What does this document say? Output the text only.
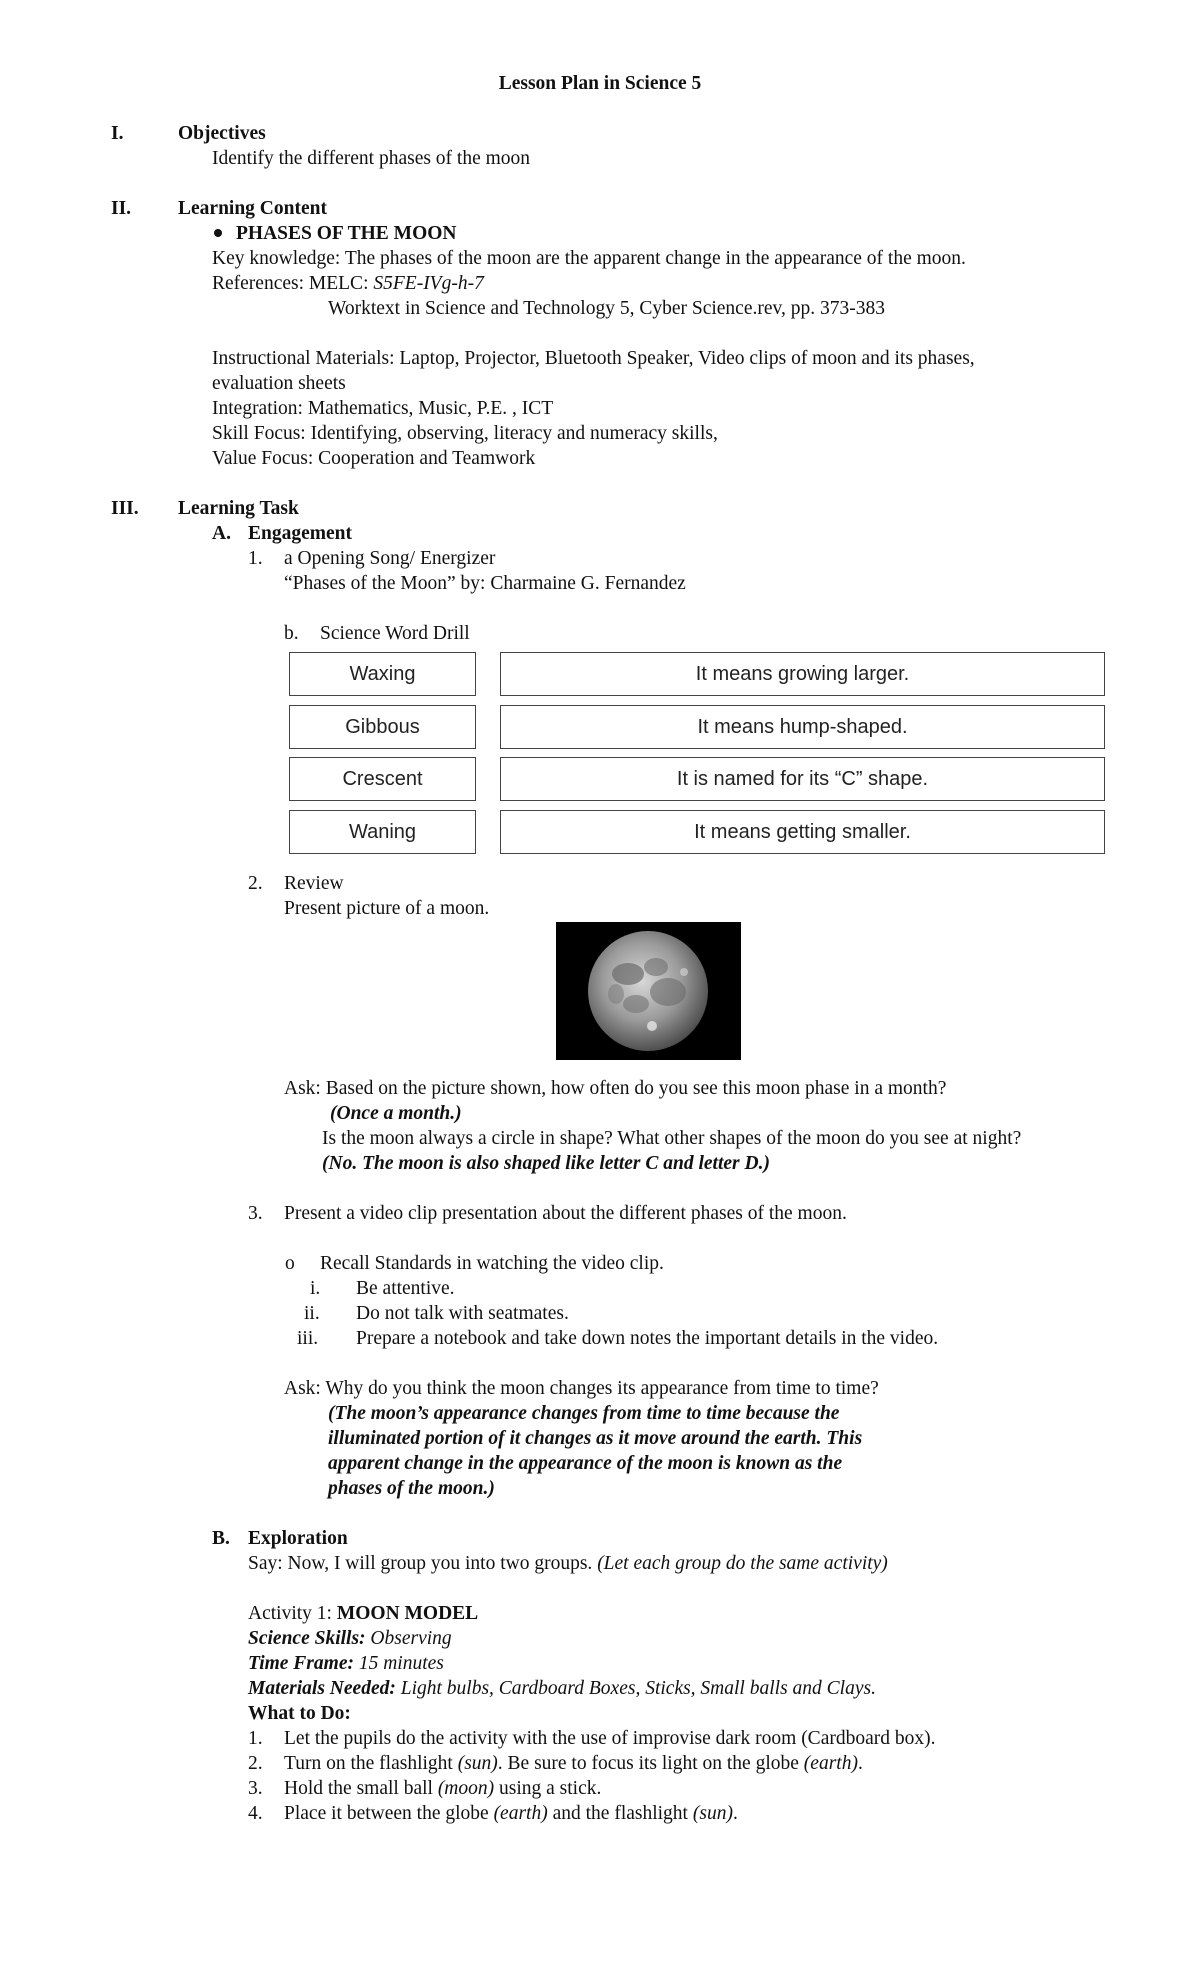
Lesson Plan in Science 5
I.	Objectives
Identify the different phases of the moon
II. Learning Content
PHASES OF THE MOON
Key knowledge: The phases of the moon are the apparent change in the appearance of the moon.
References: MELC: S5FE-IVg-h-7
Worktext in Science and Technology 5, Cyber Science.rev, pp. 373-383
Instructional Materials: Laptop, Projector, Bluetooth Speaker, Video clips of moon and its phases,
evaluation sheets
Integration: Mathematics, Music, P.E. , ICT
Skill Focus: Identifying, observing, literacy and numeracy skills,
Value Focus: Cooperation and Teamwork
III. Learning Task
A. Engagement
1. a Opening Song/ Energizer
“Phases of the Moon” by: Charmaine G. Fernandez
b. Science Word Drill
Waxing	It means growing larger.
Gibbous	It means hump-shaped.
Crescent	It is named for its “C” shape.
Waning	It means getting smaller.
2. Review
Present picture of a moon.
Ask: Based on the picture shown, how often do you see this moon phase in a month?
(Once a month.)
Is the moon always a circle in shape? What other shapes of the moon do you see at night?
(No. The moon is also shaped like letter C and letter D.)
3. Present a video clip presentation about the different phases of the moon.
o Recall Standards in watching the video clip.
i. Be attentive.
ii. Do not talk with seatmates.
iii. Prepare a notebook and take down notes the important details in the video.
Ask: Why do you think the moon changes its appearance from time to time?
(The moon’s appearance changes from time to time because the
illuminated portion of it changes as it move around the earth. This
apparent change in the appearance of the moon is known as the
phases of the moon.)
B. Exploration
Say: Now, I will group you into two groups. (Let each group do the same activity)
Activity 1: MOON MODEL
Science Skills: Observing
Time Frame: 15 minutes
Materials Needed: Light bulbs, Cardboard Boxes, Sticks, Small balls and Clays.
What to Do:
1. Let the pupils do the activity with the use of improvise dark room (Cardboard box).
2. Turn on the flashlight (sun). Be sure to focus its light on the globe (earth).
3. Hold the small ball (moon) using a stick.
4. Place it between the globe (earth) and the flashlight (sun).
